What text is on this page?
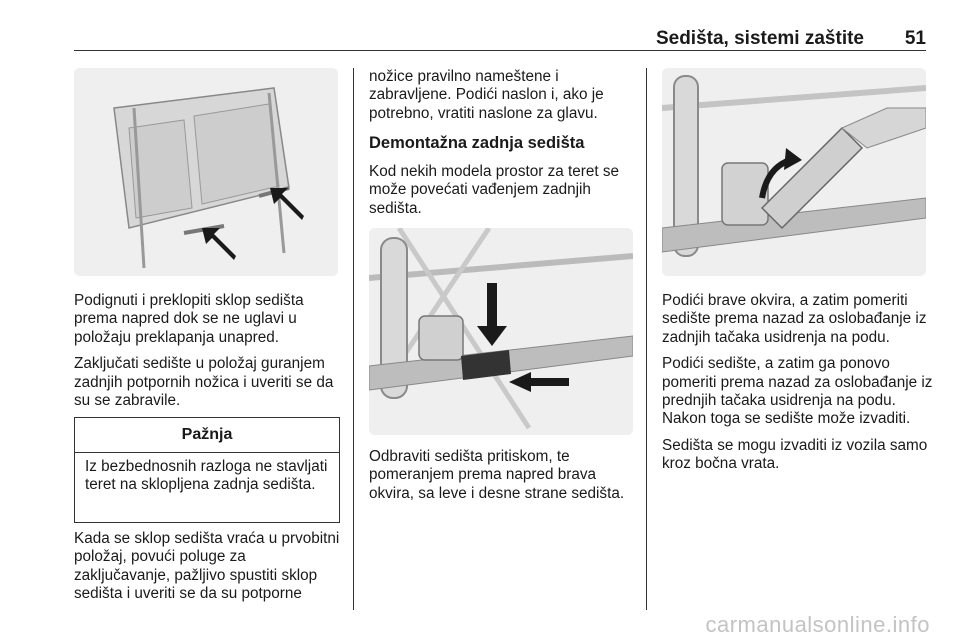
Sedišta, sistemi zaštite 51

Podignuti i preklopiti sklop sedišta prema napred dok se ne uglavi u položaju preklapanja unapred.

Zaključati sedište u položaj guranjem zadnjih potpornih nožica i uveriti se da su se zabravile.

Pažnja
Iz bezbednosnih razloga ne stavljati teret na sklopljena zadnja sedišta.

Kada se sklop sedišta vraća u prvobitni položaj, povući poluge za zaključavanje, pažljivo spustiti sklop sedišta i uveriti se da su potporne

nožice pravilno nameštene i zabravljene. Podići naslon i, ako je potrebno, vratiti naslone za glavu.

Demontažna zadnja sedišta

Kod nekih modela prostor za teret se može povećati vađenjem zadnjih sedišta.

Odbraviti sedišta pritiskom, te pomeranjem prema napred brava okvira, sa leve i desne strane sedišta.

Podići brave okvira, a zatim pomeriti sedište prema nazad za oslobađanje iz zadnjih tačaka usidrenja na podu.

Podići sedište, a zatim ga ponovo pomeriti prema nazad za oslobađanje iz prednjih tačaka usidrenja na podu. Nakon toga se sedište može izvaditi.

Sedišta se mogu izvaditi iz vozila samo kroz bočna vrata.

carmanualsonline.info
